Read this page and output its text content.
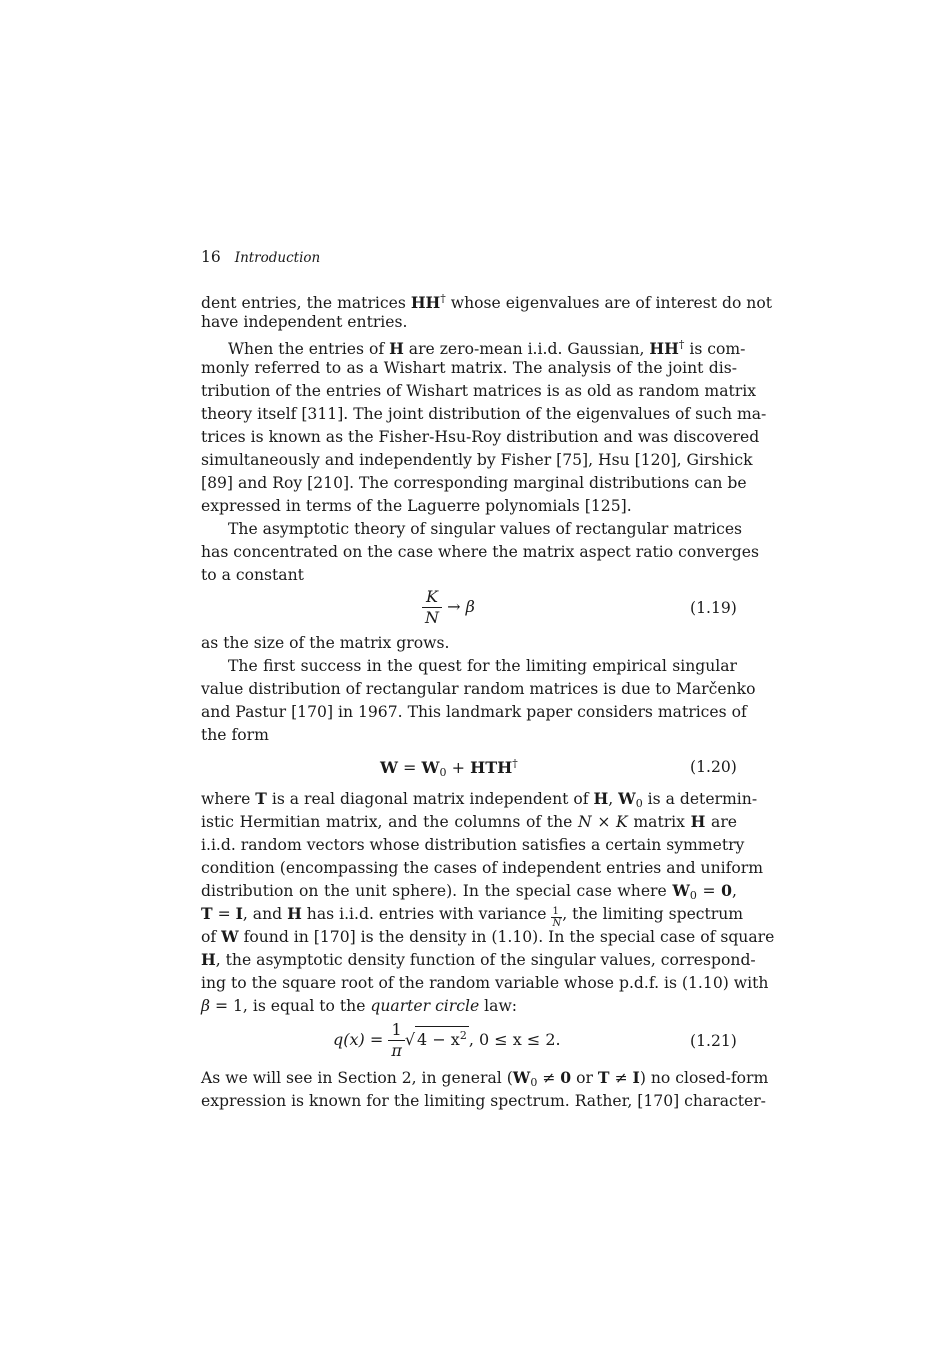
16 Introduction
dent entries, the matrices HH† whose eigenvalues are of interest do not
have independent entries.
When the entries of H are zero-mean i.i.d. Gaussian, HH† is com-
monly referred to as a Wishart matrix. The analysis of the joint dis-
tribution of the entries of Wishart matrices is as old as random matrix
theory itself [311]. The joint distribution of the eigenvalues of such ma-
trices is known as the Fisher-Hsu-Roy distribution and was discovered
simultaneously and independently by Fisher [75], Hsu [120], Girshick
[89] and Roy [210]. The corresponding marginal distributions can be
expressed in terms of the Laguerre polynomials [125].
The asymptotic theory of singular values of rectangular matrices
has concentrated on the case where the matrix aspect ratio converges
to a constant
$\frac{K}{N} \to \beta$	(1.19)
as the size of the matrix grows.
The first success in the quest for the limiting empirical singular
value distribution of rectangular random matrices is due to Marčenko
and Pastur [170] in 1967. This landmark paper considers matrices of
the form
$W = W_0 + HTH^\dagger$	(1.20)
where T is a real diagonal matrix independent of H, $W_0$ is a determin-
istic Hermitian matrix, and the columns of the N × K matrix H are
i.i.d. random vectors whose distribution satisfies a certain symmetry
condition (encompassing the cases of independent entries and uniform
distribution on the unit sphere). In the special case where $W_0 = 0$,
T = I, and H has i.i.d. entries with variance $\frac{1}{N}$ , the limiting spectrum
of W found in [170] is the density in (1.10). In the special case of square
H, the asymptotic density function of the singular values, correspond-
ing to the square root of the random variable whose p.d.f. is (1.10) with
β = 1, is equal to the quarter circle law:
$q(x) = \frac{1}{\pi}$ √ $4 - x^2$ , 0 ≤ x ≤ 2.	(1.21)
As we will see in Section 2, in general ($W_0 \ne 0$ or T ≠ I) no closed-form
expression is known for the limiting spectrum. Rather, [170] character-
